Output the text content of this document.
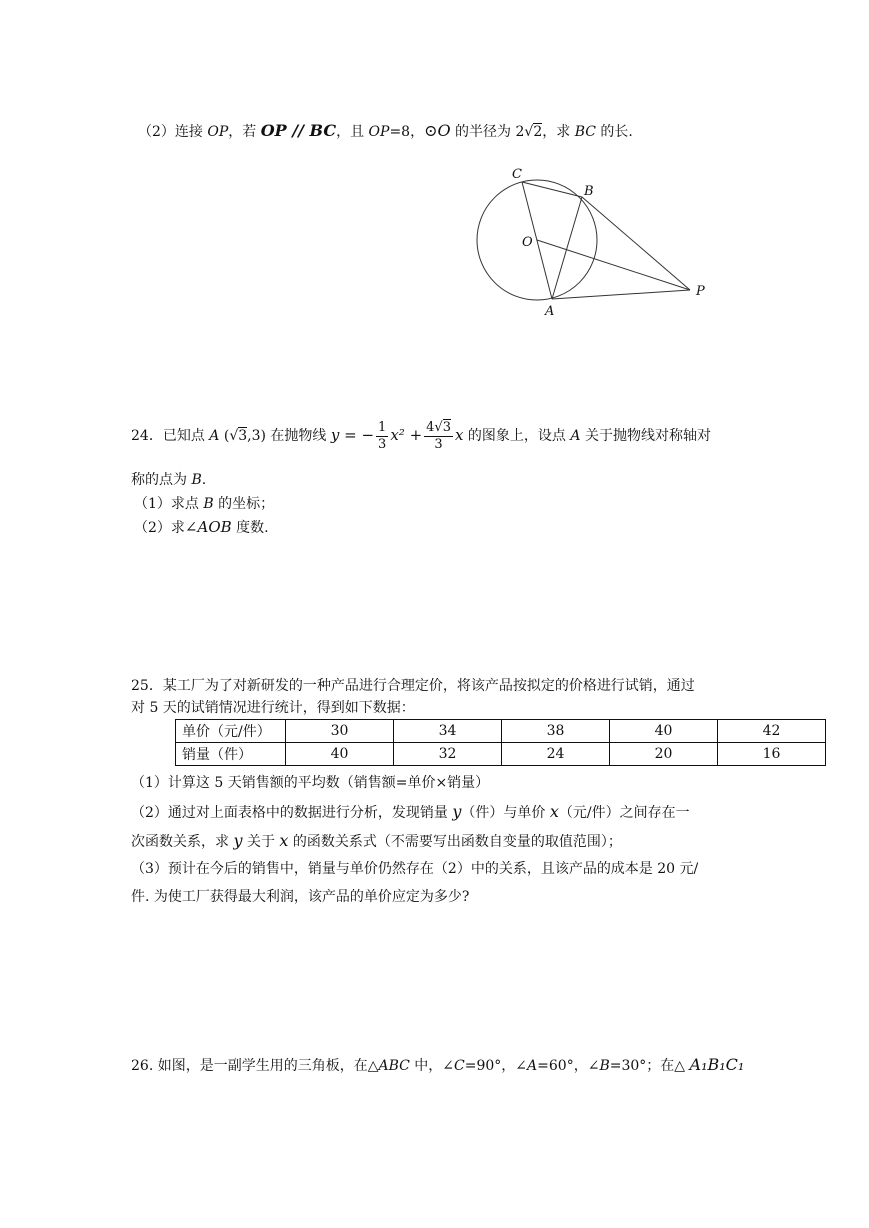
（2）连接 OP，若 OP // BC，且 OP=8，⊙O 的半径为 2√2，求 BC 的长.
C
B
O
P
A
24．已知点 A (√3,3) 在抛物线 y = − $\frac{1}{3} x^2 + \frac{4√3}{3}$ x 的图象上，设点 A 关于抛物线对称轴对
称的点为 B.
（1）求点 B 的坐标；
（2）求∠AOB 度数.
25．某工厂为了对新研发的一种产品进行合理定价，将该产品按拟定的价格进行试销，通过
对 5 天的试销情况进行统计，得到如下数据：
单价（元/件）	30	34	38	40	42
销量（件）	40	32	24	20	16
（1）计算这 5 天销售额的平均数（销售额=单价×销量）
（2）通过对上面表格中的数据进行分析，发现销量 y（件）与单价 x（元/件）之间存在一
次函数关系，求 y 关于 x 的函数关系式（不需要写出函数自变量的取值范围）；
（3）预计在今后的销售中，销量与单价仍然存在（2）中的关系，且该产品的成本是 20 元/
件. 为使工厂获得最大利润，该产品的单价应定为多少?
26. 如图，是一副学生用的三角板，在△ABC 中，∠C=90°，∠A=60°，∠B=30°；在△ A₁B₁C₁
